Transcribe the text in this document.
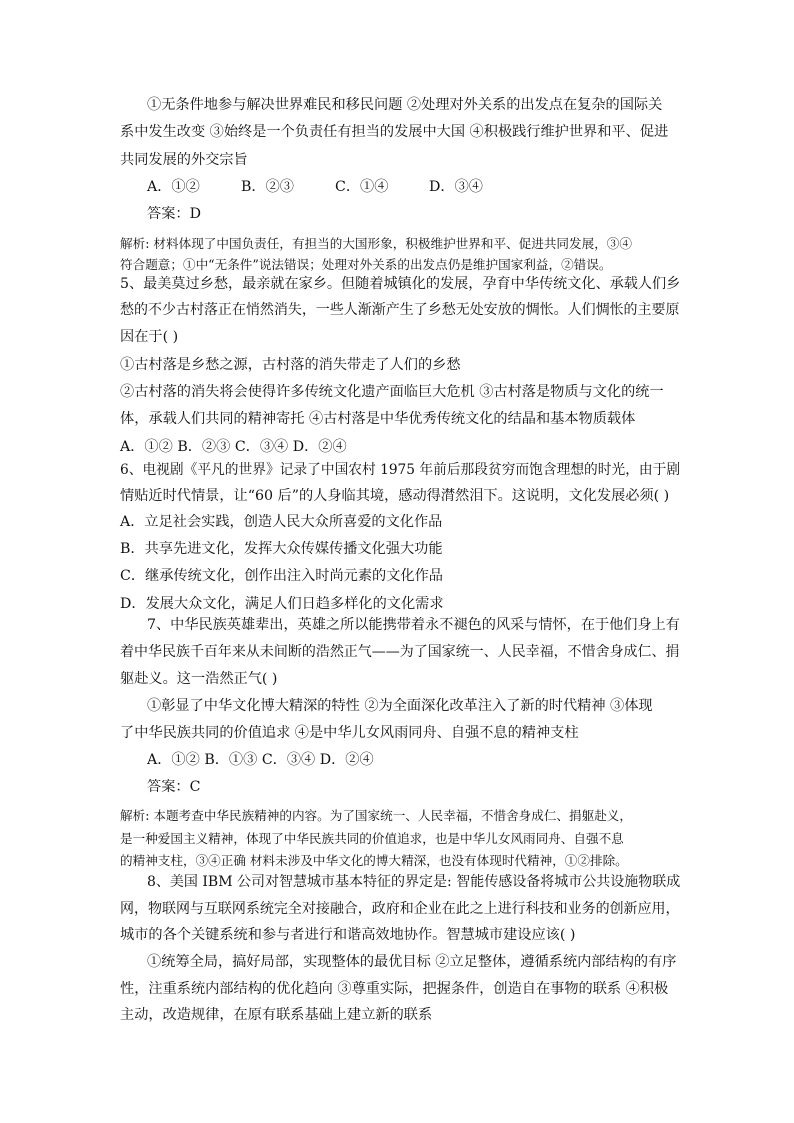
①无条件地参与解决世界难民和移民问题 ②处理对外关系的出发点在复杂的国际关
系中发生改变 ③始终是一个负责任有担当的发展中大国 ④积极践行维护世界和平、促进
共同发展的外交宗旨
A．①②	B．②③	C．①④	D．③④
答案：D
解析: 材料体现了中国负责任，有担当的大国形象，积极维护世界和平、促进共同发展，③④
符合题意；①中“无条件”说法错误；处理对外关系的出发点仍是维护国家利益，②错误。
5、最美莫过乡愁，最亲就在家乡。但随着城镇化的发展，孕育中华传统文化、承载人们乡
愁的不少古村落正在悄然消失，一些人渐渐产生了乡愁无处安放的惆怅。人们惆怅的主要原
因在于( )
①古村落是乡愁之源，古村落的消失带走了人们的乡愁
②古村落的消失将会使得许多传统文化遗产面临巨大危机 ③古村落是物质与文化的统一
体，承载人们共同的精神寄托 ④古村落是中华优秀传统文化的结晶和基本物质载体
A．①② B．②③ C．③④ D．②④
6、电视剧《平凡的世界》记录了中国农村 1975 年前后那段贫穷而饱含理想的时光，由于剧
情贴近时代情景，让“60 后”的人身临其境，感动得潸然泪下。这说明，文化发展必须( )
A．立足社会实践，创造人民大众所喜爱的文化作品
B．共享先进文化，发挥大众传媒传播文化强大功能
C．继承传统文化，创作出注入时尚元素的文化作品
D．发展大众文化，满足人们日趋多样化的文化需求
7、中华民族英雄辈出，英雄之所以能携带着永不褪色的风采与情怀，在于他们身上有
着中华民族千百年来从未间断的浩然正气——为了国家统一、人民幸福，不惜舍身成仁、捐
躯赴义。这一浩然正气( )
①彰显了中华文化博大精深的特性 ②为全面深化改革注入了新的时代精神 ③体现
了中华民族共同的价值追求 ④是中华儿女风雨同舟、自强不息的精神支柱
A．①② B．①③ C．③④ D．②④
答案：C
解析: 本题考查中华民族精神的内容。为了国家统一、人民幸福，不惜舍身成仁、捐躯赴义，
是一种爱国主义精神，体现了中华民族共同的价值追求，也是中华儿女风雨同舟、自强不息
的精神支柱，③④正确 材料未涉及中华文化的博大精深，也没有体现时代精神，①②排除。
8、美国 IBM 公司对智慧城市基本特征的界定是: 智能传感设备将城市公共设施物联成
网，物联网与互联网系统完全对接融合，政府和企业在此之上进行科技和业务的创新应用，
城市的各个关键系统和参与者进行和谐高效地协作。智慧城市建设应该( )
①统筹全局，搞好局部，实现整体的最优目标 ②立足整体，遵循系统内部结构的有序
性，注重系统内部结构的优化趋向 ③尊重实际，把握条件，创造自在事物的联系 ④积极
主动，改造规律，在原有联系基础上建立新的联系
